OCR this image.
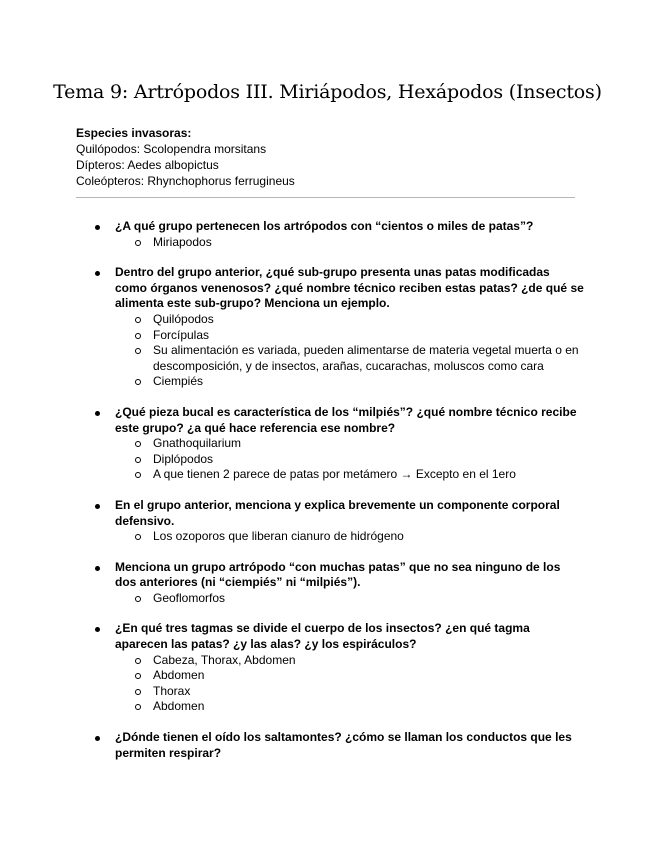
Tema 9: Artrópodos III. Miriápodos, Hexápodos (Insectos)
Especies invasoras:
Quilópodos: Scolopendra morsitans
Dípteros: Aedes albopictus
Coleópteros: Rhynchophorus ferrugineus
¿A qué grupo pertenecen los artrópodos con “cientos o miles de patas”?
Miriapodos
Dentro del grupo anterior, ¿qué sub-grupo presenta unas patas modificadas como órganos venenosos? ¿qué nombre técnico reciben estas patas? ¿de qué se alimenta este sub-grupo? Menciona un ejemplo.
Quilópodos
Forcípulas
Su alimentación es variada, pueden alimentarse de materia vegetal muerta o en descomposición, y de insectos, arañas, cucarachas, moluscos como cara
Ciempiés
¿Qué pieza bucal es característica de los “milpiés”? ¿qué nombre técnico recibe este grupo? ¿a qué hace referencia ese nombre?
Gnathoquilarium
Diplópodos
A que tienen 2 parece de patas por metámero → Excepto en el 1ero
En el grupo anterior, menciona y explica brevemente un componente corporal defensivo.
Los ozoporos que liberan cianuro de hidrógeno
Menciona un grupo artrópodo “con muchas patas” que no sea ninguno de los dos anteriores (ni “ciempiés” ni “milpiés”).
Geoflomorfos
¿En qué tres tagmas se divide el cuerpo de los insectos? ¿en qué tagma aparecen las patas? ¿y las alas? ¿y los espiráculos?
Cabeza, Thorax, Abdomen
Abdomen
Thorax
Abdomen
¿Dónde tienen el oído los saltamontes? ¿cómo se llaman los conductos que les permiten respirar?
